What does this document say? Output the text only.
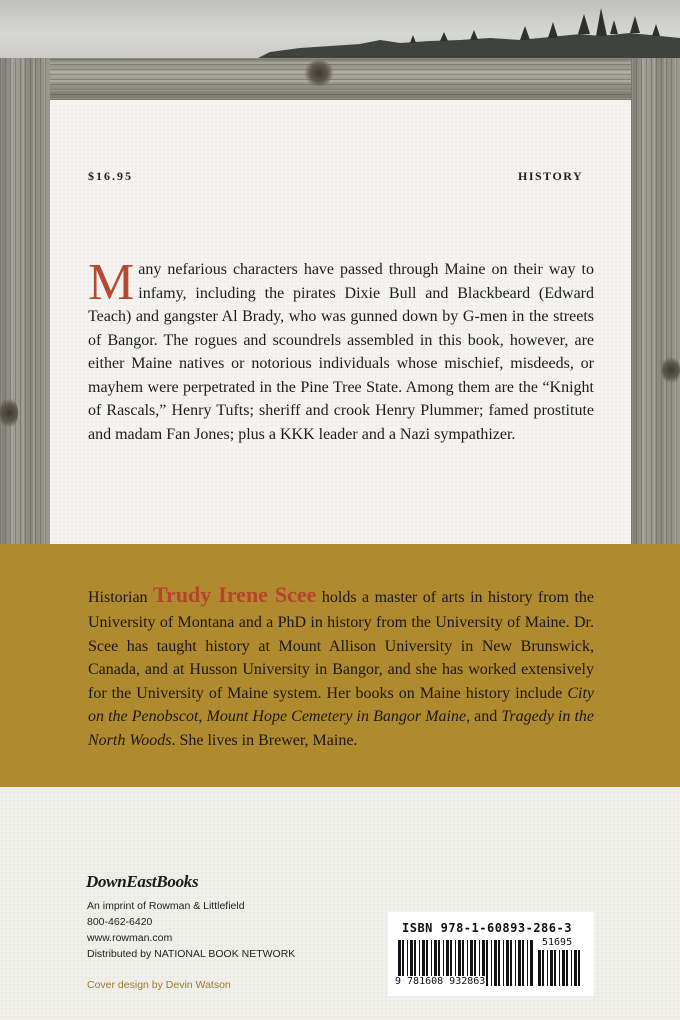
$16.95	HISTORY

Many nefarious characters have passed through Maine on their way to infamy, including the pirates Dixie Bull and Blackbeard (Edward Teach) and gangster Al Brady, who was gunned down by G-men in the streets of Bangor. The rogues and scoundrels assembled in this book, however, are either Maine natives or notorious individuals whose mischief, misdeeds, or mayhem were perpetrated in the Pine Tree State. Among them are the “Knight of Rascals,” Henry Tufts; sheriff and crook Henry Plummer; famed prostitute and madam Fan Jones; plus a KKK leader and a Nazi sympathizer.

Historian Trudy Irene Scee holds a master of arts in history from the University of Montana and a PhD in history from the University of Maine. Dr. Scee has taught history at Mount Allison University in New Brunswick, Canada, and at Husson University in Bangor, and she has worked extensively for the University of Maine system. Her books on Maine history include City on the Penobscot, Mount Hope Cemetery in Bangor Maine, and Tragedy in the North Woods. She lives in Brewer, Maine.

DownEastBooks
An imprint of Rowman & Littlefield
800-462-6420
www.rowman.com
Distributed by NATIONAL BOOK NETWORK
Cover design by Devin Watson
ISBN 978-1-60893-286-3
9 781608 932863
51695
